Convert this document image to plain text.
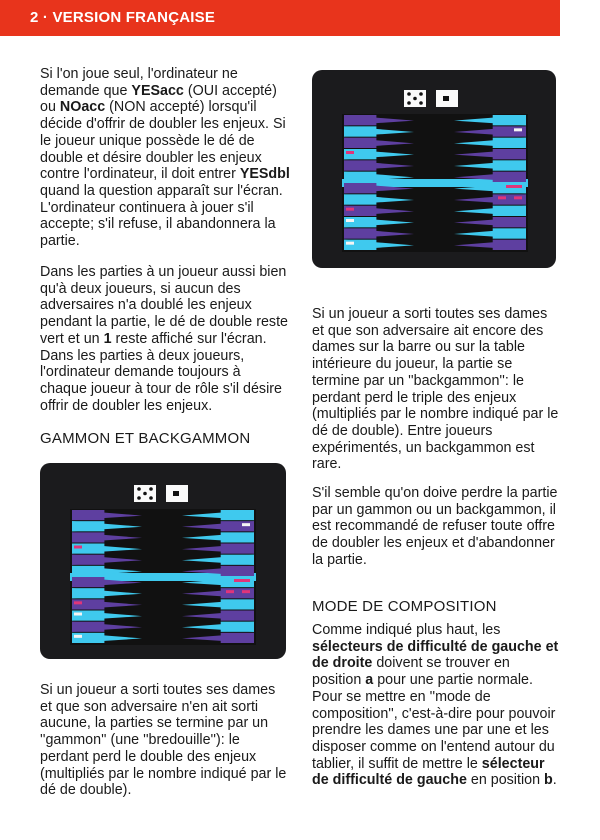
2 · VERSION FRANÇAISE

Si l'on joue seul, l'ordinateur ne demande que YESacc (OUI accepté) ou NOacc (NON accepté) lorsqu'il décide d'offrir de doubler les enjeux. Si le joueur unique possède le dé de double et désire doubler les enjeux contre l'ordinateur, il doit entrer YESdbl quand la question apparaît sur l'écran. L'ordinateur continuera à jouer s'il accepte; s'il refuse, il abandonnera la partie.

Dans les parties à un joueur aussi bien qu'à deux joueurs, si aucun des adversaires n'a doublé les enjeux pendant la partie, le dé de double reste vert et un 1 reste affiché sur l'écran. Dans les parties à deux joueurs, l'ordinateur demande toujours à chaque joueur à tour de rôle s'il désire offrir de doubler les enjeux.

GAMMON ET BACKGAMMON
Si un joueur a sorti toutes ses dames et que son adversaire n'en ait sorti aucune, la parties se termine par un ''gammon'' (une ''bredouille''): le perdant perd le double des enjeux (multipliés par le nombre indiqué par le dé de double).
Si un joueur a sorti toutes ses dames et que son adversaire ait encore des dames sur la barre ou sur la table intérieure du joueur, la partie se termine par un ''backgammon'': le perdant perd le triple des enjeux (multipliés par le nombre indiqué par le dé de double). Entre joueurs expérimentés, un backgammon est rare.
S'il semble qu'on doive perdre la partie par un gammon ou un backgammon, il est recommandé de refuser toute offre de doubler les enjeux et d'abandonner la partie.
MODE DE COMPOSITION

Comme indiqué plus haut, les sélecteurs de difficulté de gauche et de droite doivent se trouver en position a pour une partie normale. Pour se mettre en ''mode de composition'', c'est-à-dire pour pouvoir prendre les dames une par une et les disposer comme on l'entend autour du tablier, il suffit de mettre le sélecteur de difficulté de gauche en position b.
